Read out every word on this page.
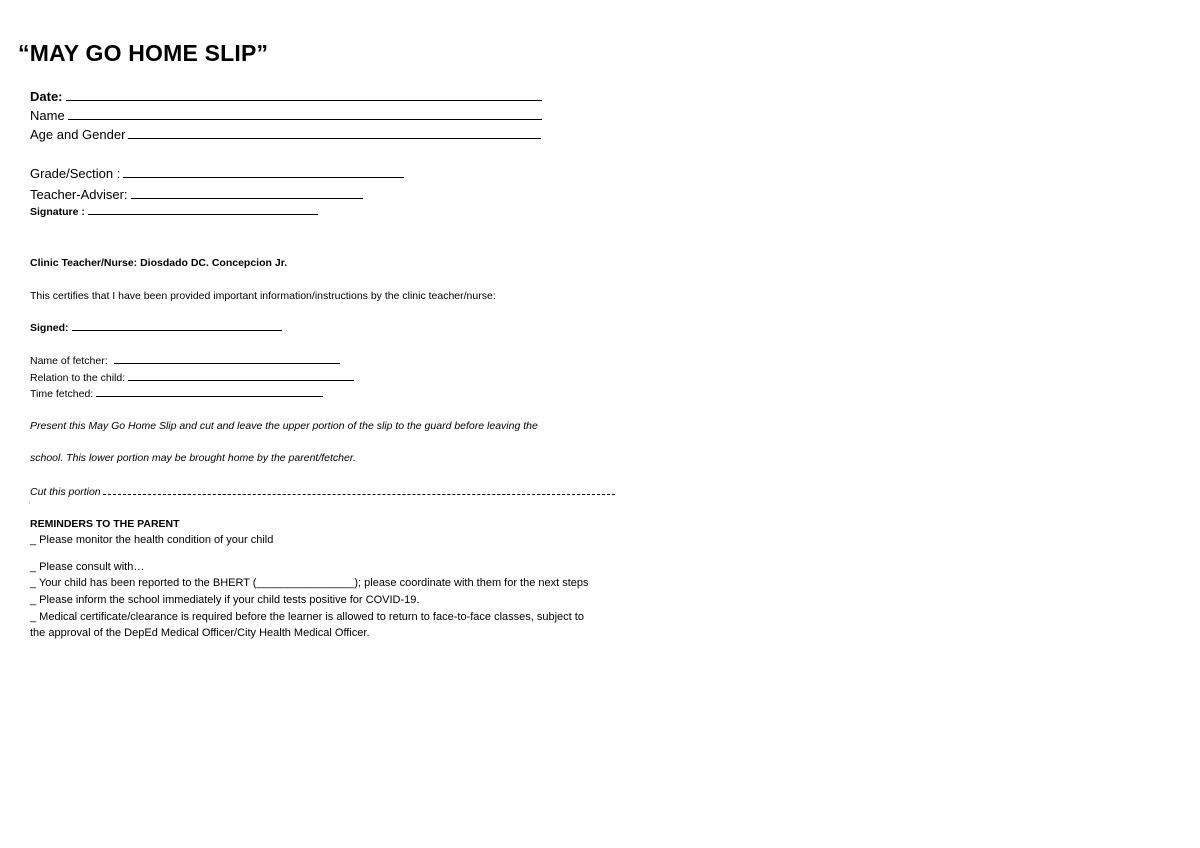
“MAY GO HOME SLIP”
Date:
Name
Age and Gender
Grade/Section :
Teacher-Adviser:
Signature :
Clinic Teacher/Nurse: Diosdado DC. Concepcion Jr.
This certifies that I have been provided important information/instructions by the clinic teacher/nurse:
Signed:
Name of fetcher:
Relation to the child:
Time fetched:
Present this May Go Home Slip and cut and leave the upper portion of the slip to the guard before leaving the
school. This lower portion may be brought home by the parent/fetcher.
Cut this portion
'
REMINDERS TO THE PARENT
_ Please monitor the health condition of your child
_ Please consult with…
_ Your child has been reported to the BHERT (________________); please coordinate with them for the next steps
_ Please inform the school immediately if your child tests positive for COVID-19.
_ Medical certificate/clearance is required before the learner is allowed to return to face-to-face classes, subject to
the approval of the DepEd Medical Officer/City Health Medical Officer.
